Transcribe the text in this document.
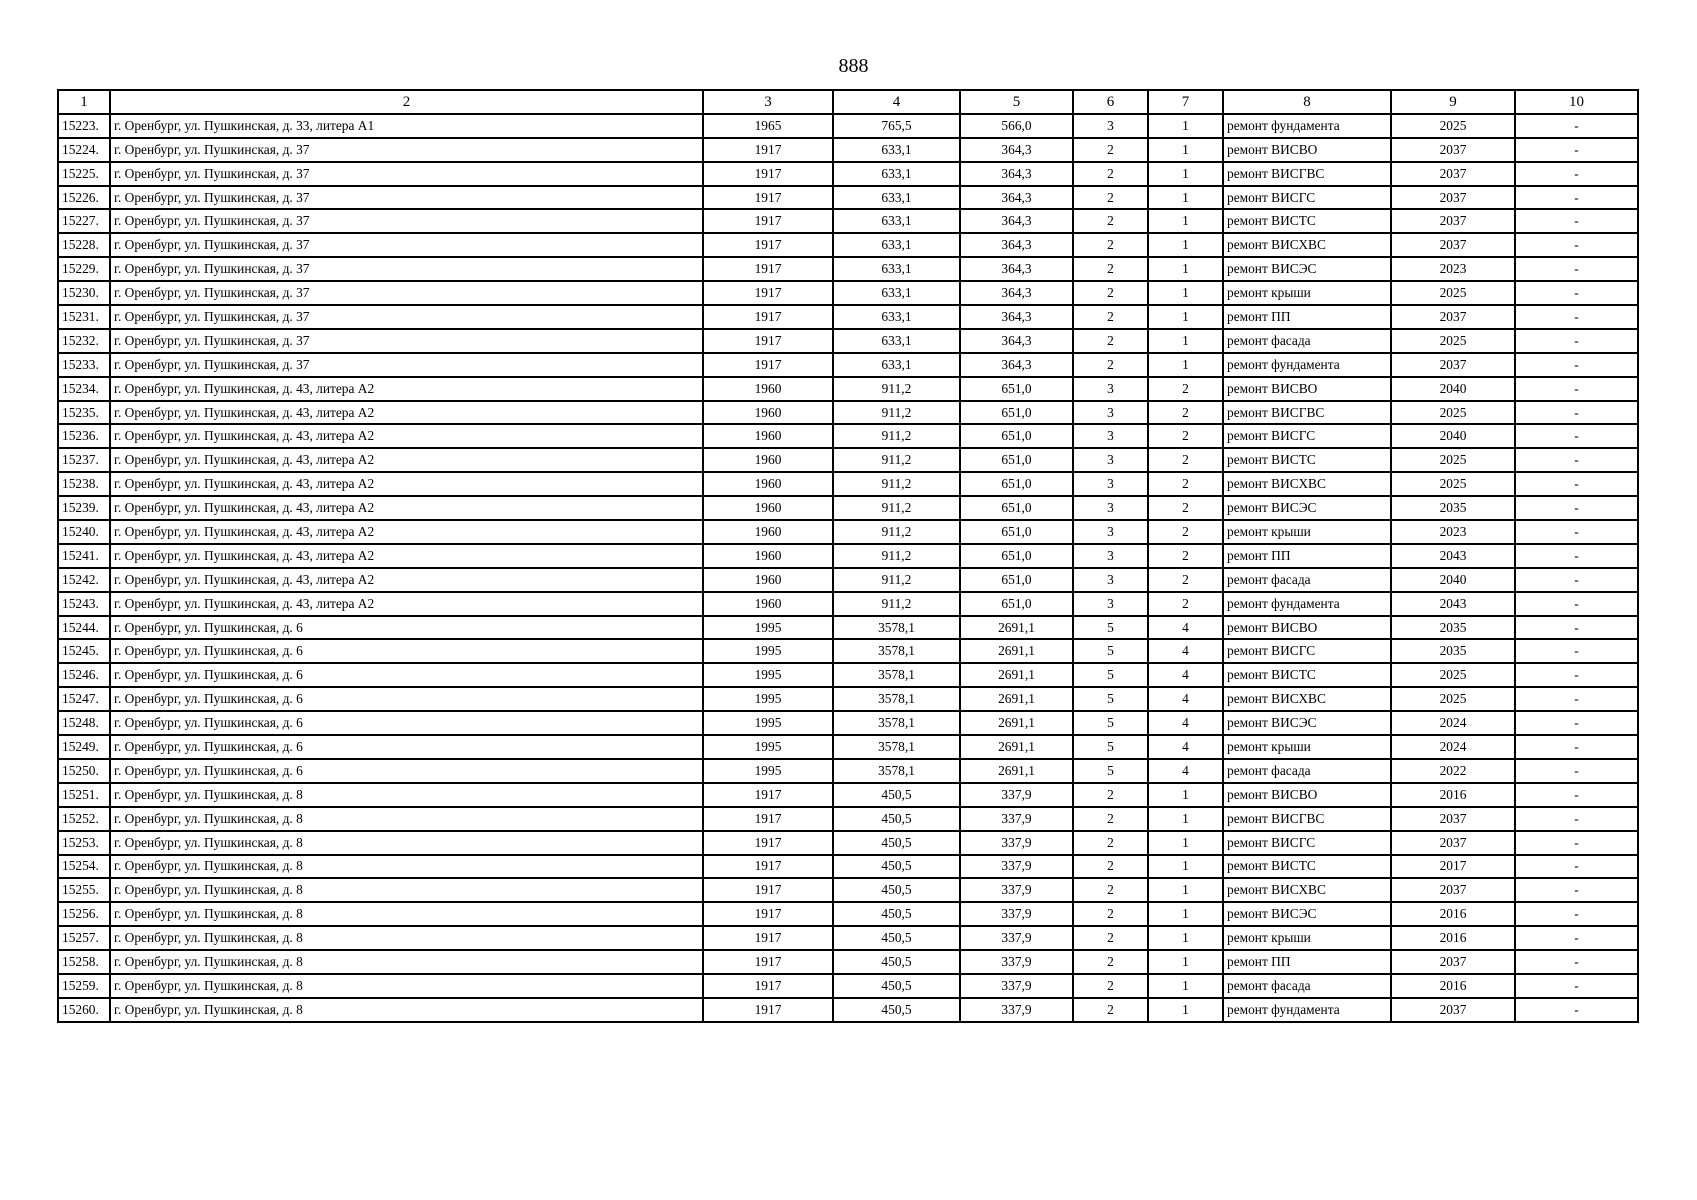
888
1	2	3	4	5	6	7	8	9	10
15223.	г. Оренбург, ул. Пушкинская, д. 33, литера А1	1965	765,5	566,0	3	1	ремонт фундамента	2025	-
15224.	г. Оренбург, ул. Пушкинская, д. 37	1917	633,1	364,3	2	1	ремонт ВИСВО	2037	-
15225.	г. Оренбург, ул. Пушкинская, д. 37	1917	633,1	364,3	2	1	ремонт ВИСГВС	2037	-
15226.	г. Оренбург, ул. Пушкинская, д. 37	1917	633,1	364,3	2	1	ремонт ВИСГС	2037	-
15227.	г. Оренбург, ул. Пушкинская, д. 37	1917	633,1	364,3	2	1	ремонт ВИСТС	2037	-
15228.	г. Оренбург, ул. Пушкинская, д. 37	1917	633,1	364,3	2	1	ремонт ВИСХВС	2037	-
15229.	г. Оренбург, ул. Пушкинская, д. 37	1917	633,1	364,3	2	1	ремонт ВИСЭС	2023	-
15230.	г. Оренбург, ул. Пушкинская, д. 37	1917	633,1	364,3	2	1	ремонт крыши	2025	-
15231.	г. Оренбург, ул. Пушкинская, д. 37	1917	633,1	364,3	2	1	ремонт ПП	2037	-
15232.	г. Оренбург, ул. Пушкинская, д. 37	1917	633,1	364,3	2	1	ремонт фасада	2025	-
15233.	г. Оренбург, ул. Пушкинская, д. 37	1917	633,1	364,3	2	1	ремонт фундамента	2037	-
15234.	г. Оренбург, ул. Пушкинская, д. 43, литера А2	1960	911,2	651,0	3	2	ремонт ВИСВО	2040	-
15235.	г. Оренбург, ул. Пушкинская, д. 43, литера А2	1960	911,2	651,0	3	2	ремонт ВИСГВС	2025	-
15236.	г. Оренбург, ул. Пушкинская, д. 43, литера А2	1960	911,2	651,0	3	2	ремонт ВИСГС	2040	-
15237.	г. Оренбург, ул. Пушкинская, д. 43, литера А2	1960	911,2	651,0	3	2	ремонт ВИСТС	2025	-
15238.	г. Оренбург, ул. Пушкинская, д. 43, литера А2	1960	911,2	651,0	3	2	ремонт ВИСХВС	2025	-
15239.	г. Оренбург, ул. Пушкинская, д. 43, литера А2	1960	911,2	651,0	3	2	ремонт ВИСЭС	2035	-
15240.	г. Оренбург, ул. Пушкинская, д. 43, литера А2	1960	911,2	651,0	3	2	ремонт крыши	2023	-
15241.	г. Оренбург, ул. Пушкинская, д. 43, литера А2	1960	911,2	651,0	3	2	ремонт ПП	2043	-
15242.	г. Оренбург, ул. Пушкинская, д. 43, литера А2	1960	911,2	651,0	3	2	ремонт фасада	2040	-
15243.	г. Оренбург, ул. Пушкинская, д. 43, литера А2	1960	911,2	651,0	3	2	ремонт фундамента	2043	-
15244.	г. Оренбург, ул. Пушкинская, д. 6	1995	3578,1	2691,1	5	4	ремонт ВИСВО	2035	-
15245.	г. Оренбург, ул. Пушкинская, д. 6	1995	3578,1	2691,1	5	4	ремонт ВИСГС	2035	-
15246.	г. Оренбург, ул. Пушкинская, д. 6	1995	3578,1	2691,1	5	4	ремонт ВИСТС	2025	-
15247.	г. Оренбург, ул. Пушкинская, д. 6	1995	3578,1	2691,1	5	4	ремонт ВИСХВС	2025	-
15248.	г. Оренбург, ул. Пушкинская, д. 6	1995	3578,1	2691,1	5	4	ремонт ВИСЭС	2024	-
15249.	г. Оренбург, ул. Пушкинская, д. 6	1995	3578,1	2691,1	5	4	ремонт крыши	2024	-
15250.	г. Оренбург, ул. Пушкинская, д. 6	1995	3578,1	2691,1	5	4	ремонт фасада	2022	-
15251.	г. Оренбург, ул. Пушкинская, д. 8	1917	450,5	337,9	2	1	ремонт ВИСВО	2016	-
15252.	г. Оренбург, ул. Пушкинская, д. 8	1917	450,5	337,9	2	1	ремонт ВИСГВС	2037	-
15253.	г. Оренбург, ул. Пушкинская, д. 8	1917	450,5	337,9	2	1	ремонт ВИСГС	2037	-
15254.	г. Оренбург, ул. Пушкинская, д. 8	1917	450,5	337,9	2	1	ремонт ВИСТС	2017	-
15255.	г. Оренбург, ул. Пушкинская, д. 8	1917	450,5	337,9	2	1	ремонт ВИСХВС	2037	-
15256.	г. Оренбург, ул. Пушкинская, д. 8	1917	450,5	337,9	2	1	ремонт ВИСЭС	2016	-
15257.	г. Оренбург, ул. Пушкинская, д. 8	1917	450,5	337,9	2	1	ремонт крыши	2016	-
15258.	г. Оренбург, ул. Пушкинская, д. 8	1917	450,5	337,9	2	1	ремонт ПП	2037	-
15259.	г. Оренбург, ул. Пушкинская, д. 8	1917	450,5	337,9	2	1	ремонт фасада	2016	-
15260.	г. Оренбург, ул. Пушкинская, д. 8	1917	450,5	337,9	2	1	ремонт фундамента	2037	-
